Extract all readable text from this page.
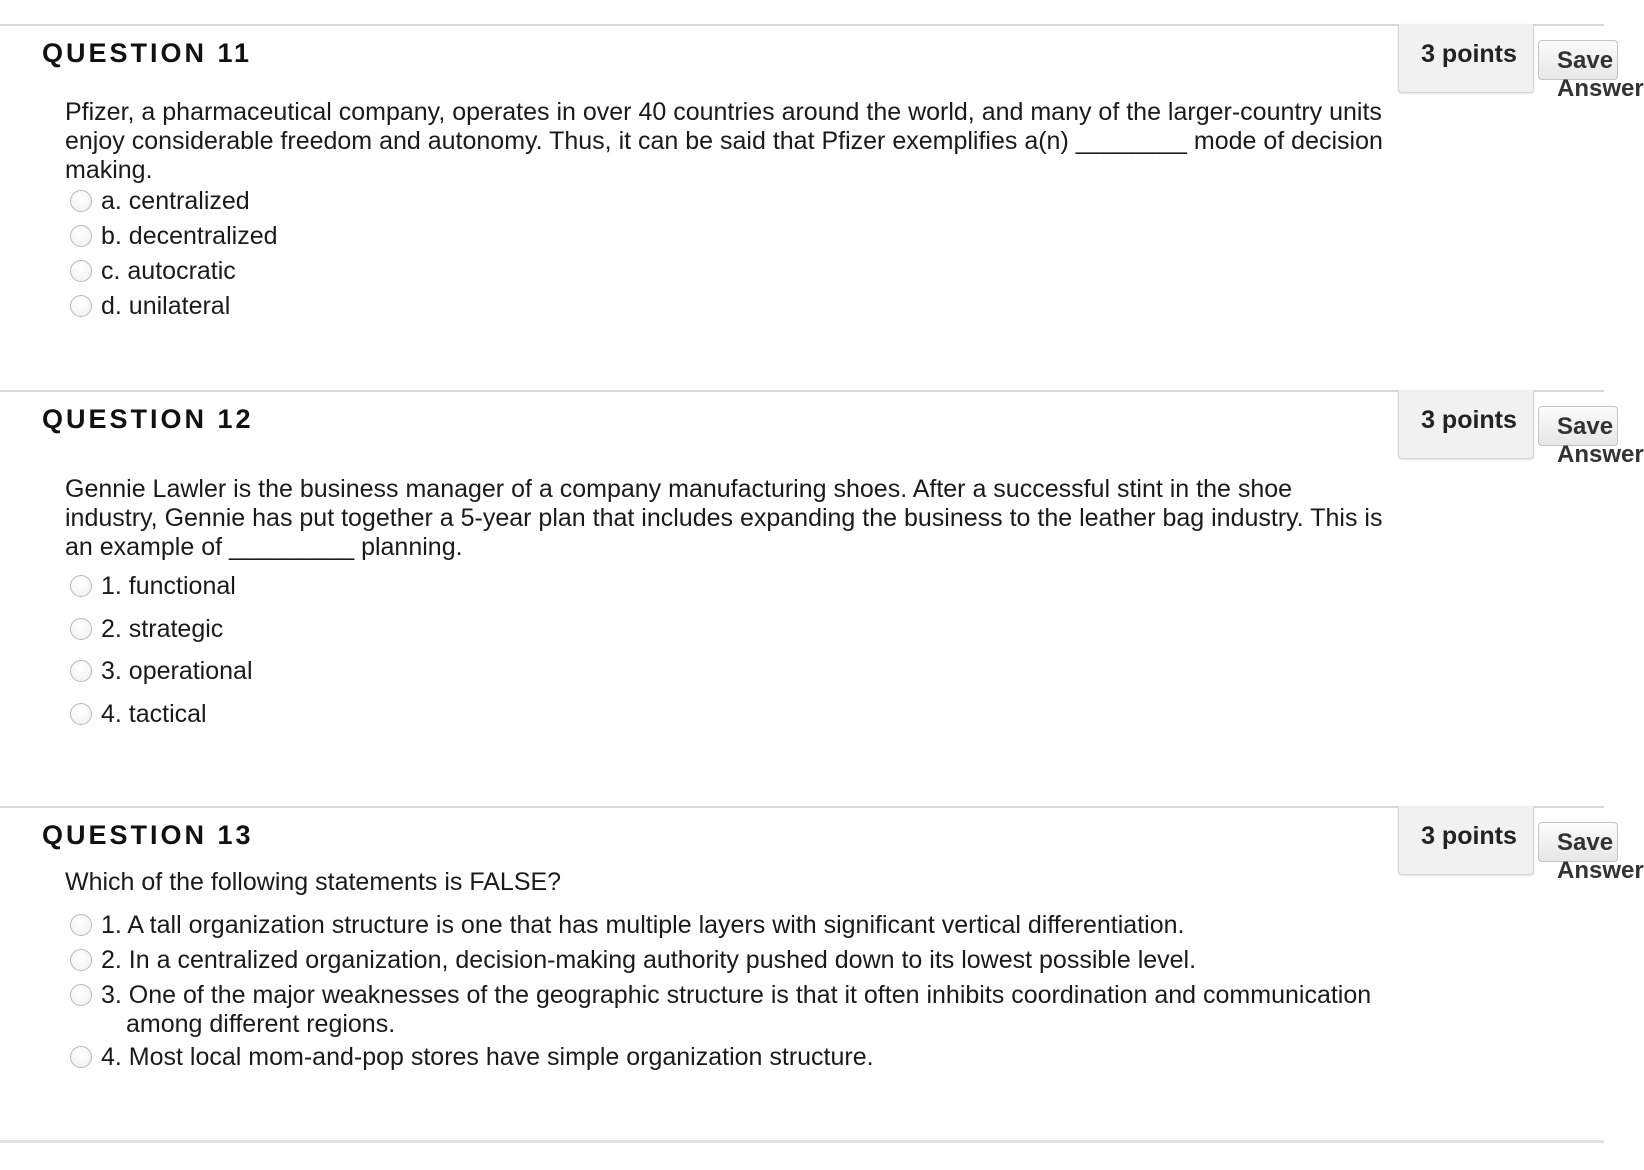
QUESTION 11	3 points	Save Answer
Pfizer, a pharmaceutical company, operates in over 40 countries around the world, and many of the larger-country units enjoy considerable freedom and autonomy. Thus, it can be said that Pfizer exemplifies a(n) ________ mode of decision making.
a. centralized
b. decentralized
c. autocratic
d. unilateral
QUESTION 12	3 points	Save Answer
Gennie Lawler is the business manager of a company manufacturing shoes. After a successful stint in the shoe industry, Gennie has put together a 5-year plan that includes expanding the business to the leather bag industry. This is an example of _________ planning.
1. functional
2. strategic
3. operational
4. tactical
QUESTION 13	3 points	Save Answer
Which of the following statements is FALSE?
1. A tall organization structure is one that has multiple layers with significant vertical differentiation.
2. In a centralized organization, decision-making authority pushed down to its lowest possible level.
3. One of the major weaknesses of the geographic structure is that it often inhibits coordination and communication among different regions.
4. Most local mom-and-pop stores have simple organization structure.
